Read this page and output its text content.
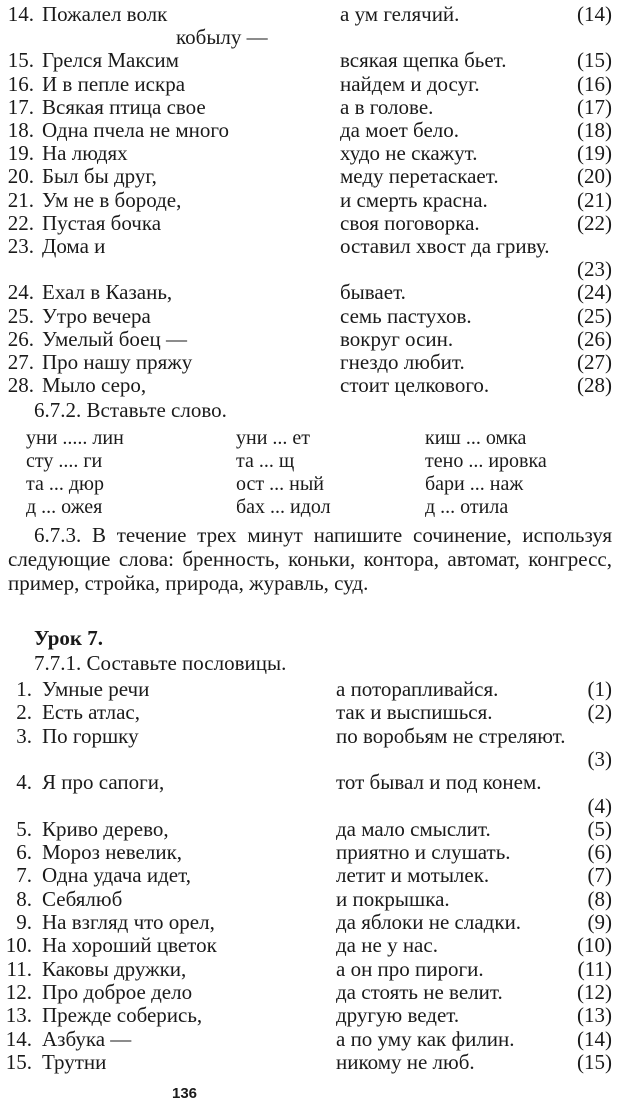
14. Пожалел волк	а ум гелячий.	(14)
кобылу —
15. Грелся Максим	всякая щепка бьет.	(15)
16. И в пепле искра	найдем и досуг.	(16)
17. Всякая птица свое	а в голове.	(17)
18. Одна пчела не много	да моет бело.	(18)
19. На людях	худо не скажут.	(19)
20. Был бы друг,	меду перетаскает.	(20)
21. Ум не в бороде,	и смерть красна.	(21)
22. Пустая бочка	своя поговорка.	(22)
23. Дома и	оставил хвост да гриву.
(23)
24. Ехал в Казань,	бывает.	(24)
25. Утро вечера	семь пастухов.	(25)
26. Умелый боец —	вокруг осин.	(26)
27. Про нашу пряжу	гнездо любит.	(27)
28. Мыло серо,	стоит целкового.	(28)
6.7.2. Вставьте слово.
уни ..... лин	уни ... ет	киш ... омка
сту .... ги	та ... щ	тено ... ировка
та ... дюр	ост ... ный	бари ... наж
д ... ожея	бах ... идол	д ... отила
6.7.3. В течение трех минут напишите сочинение, используя следующие слова: бренность, коньки, контора, автомат, конгресс, пример, стройка, природа, журавль, суд.
Урок 7.
7.7.1. Составьте пословицы.
1. Умные речи	а поторапливайся.	(1)
2. Есть атлас,	так и выспишься.	(2)
3. По горшку	по воробьям не стреляют.
(3)
4. Я про сапоги,	тот бывал и под конем.
(4)
5. Криво дерево,	да мало смыслит.	(5)
6. Мороз невелик,	приятно и слушать.	(6)
7. Одна удача идет,	летит и мотылек.	(7)
8. Себялюб	и покрышка.	(8)
9. На взгляд что орел,	да яблоки не сладки.	(9)
10. На хороший цветок	да не у нас.	(10)
11. Каковы дружки,	а он про пироги.	(11)
12. Про доброе дело	да стоять не велит.	(12)
13. Прежде соберись,	другую ведет.	(13)
14. Азбука —	а по уму как филин.	(14)
15. Трутни	никому не люб.	(15)
136
